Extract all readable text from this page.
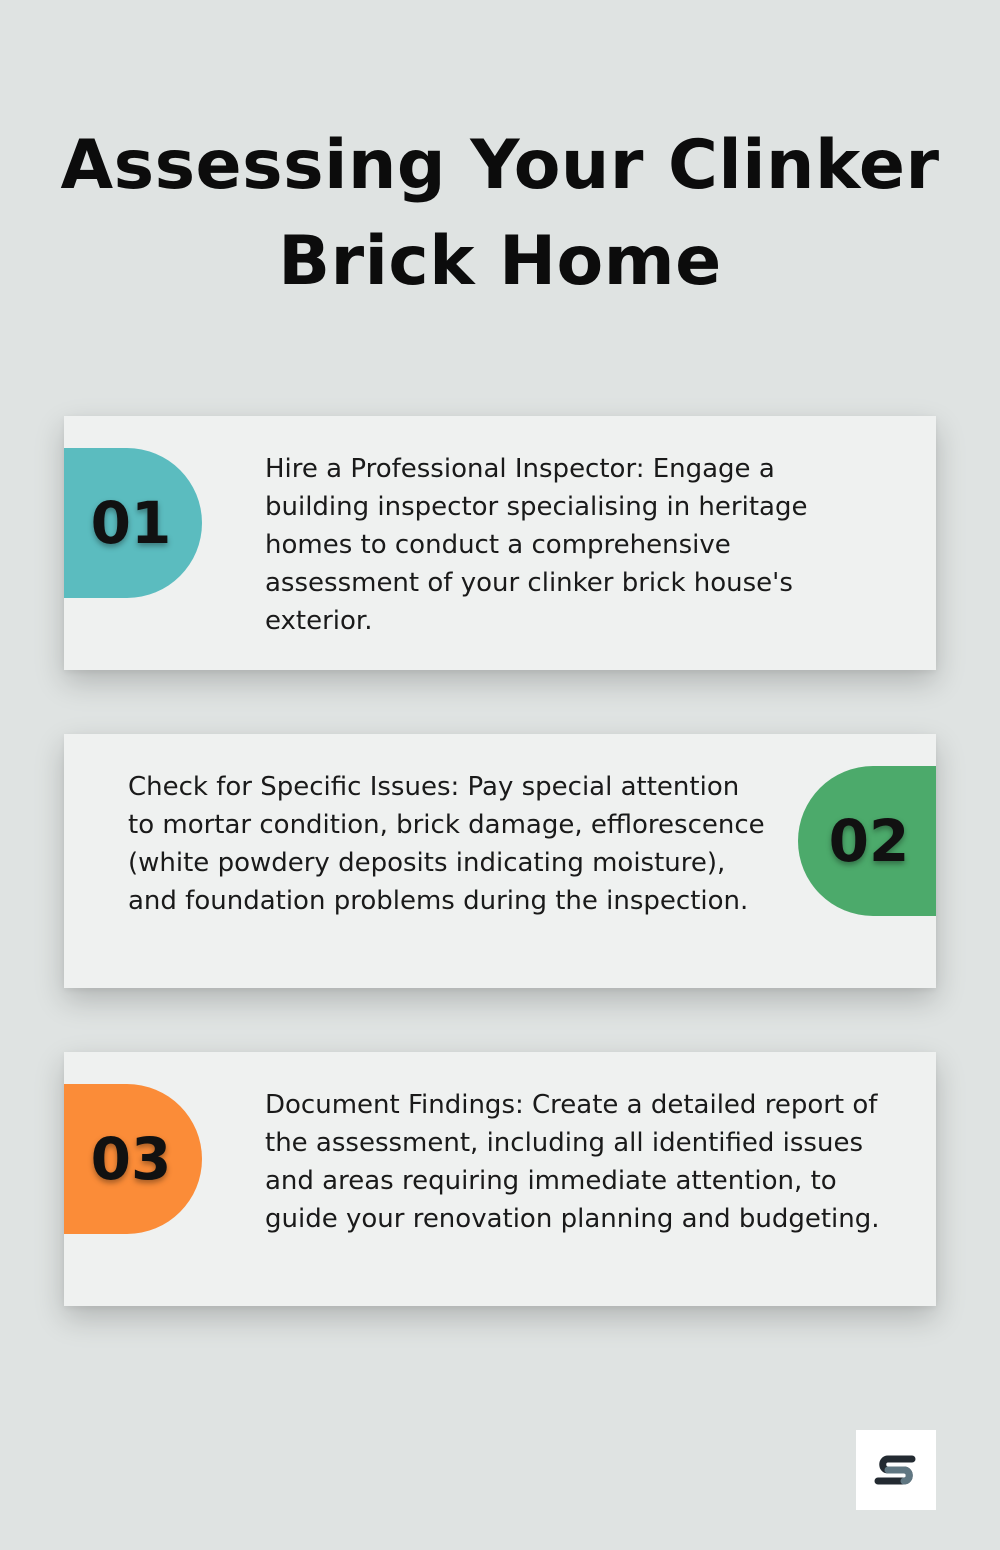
Assessing Your Clinker
Brick Home
01

Hire a Professional Inspector: Engage a building inspector specialising in heritage homes to conduct a comprehensive assessment of your clinker brick house's exterior.

Check for Specific Issues: Pay special attention to mortar condition, brick damage, efflorescence (white powdery deposits indicating moisture), and foundation problems during the inspection.

02
03

Document Findings: Create a detailed report of the assessment, including all identified issues and areas requiring immediate attention, to guide your renovation planning and budgeting.
